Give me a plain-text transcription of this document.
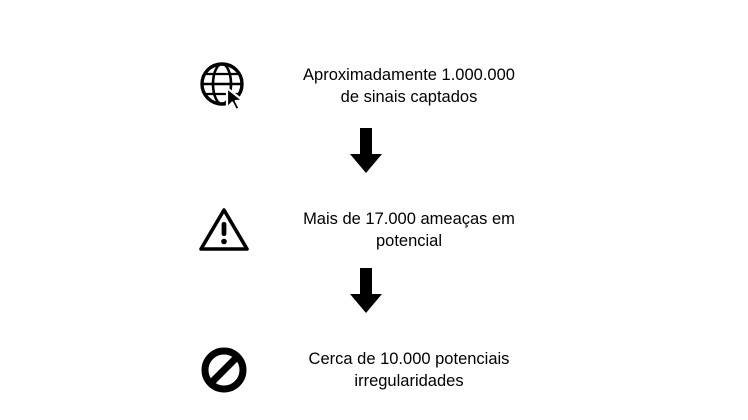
Aproximadamente 1.000.000
de sinais captados
Mais de 17.000 ameaças em
potencial
Cerca de 10.000 potenciais
irregularidades
